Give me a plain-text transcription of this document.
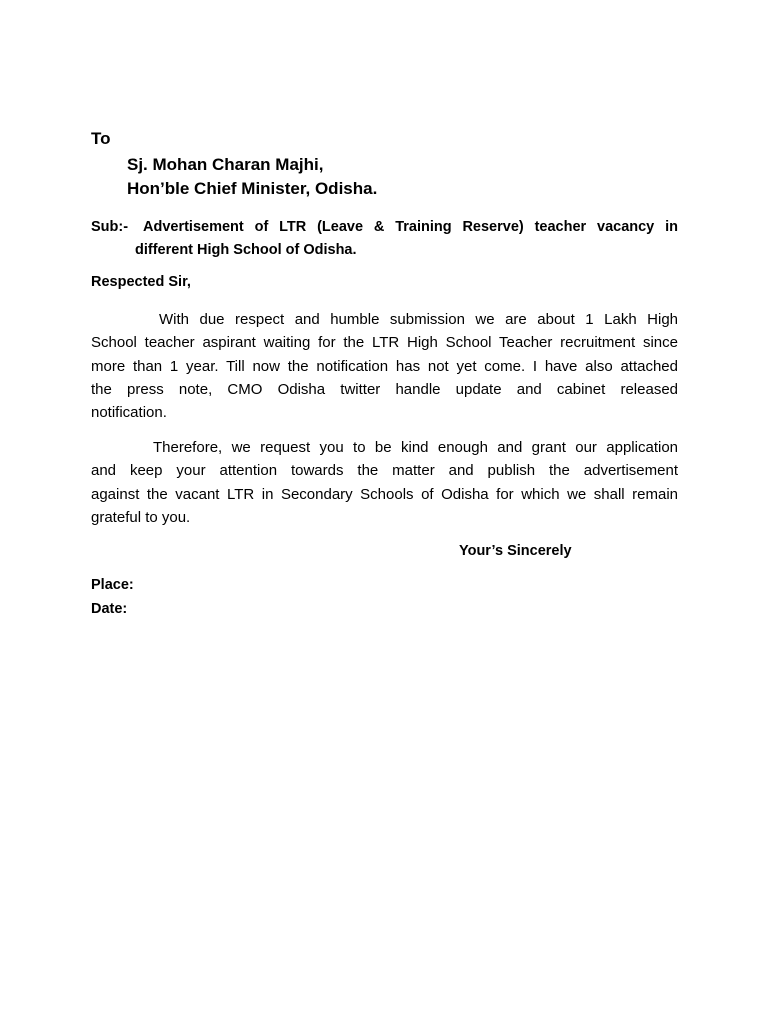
To
Sj. Mohan Charan Majhi,
Hon’ble Chief Minister, Odisha.
Sub:- Advertisement of LTR (Leave & Training Reserve) teacher vacancy in
different High School of Odisha.
Respected Sir,
With due respect and humble submission we are about 1 Lakh High
School teacher aspirant waiting for the LTR High School Teacher recruitment since
more than 1 year. Till now the notification has not yet come. I have also attached
the press note, CMO Odisha twitter handle update and cabinet released
notification.
Therefore, we request you to be kind enough and grant our application
and keep your attention towards the matter and publish the advertisement
against the vacant LTR in Secondary Schools of Odisha for which we shall remain
grateful to you.
Your’s Sincerely
Place:
Date:
